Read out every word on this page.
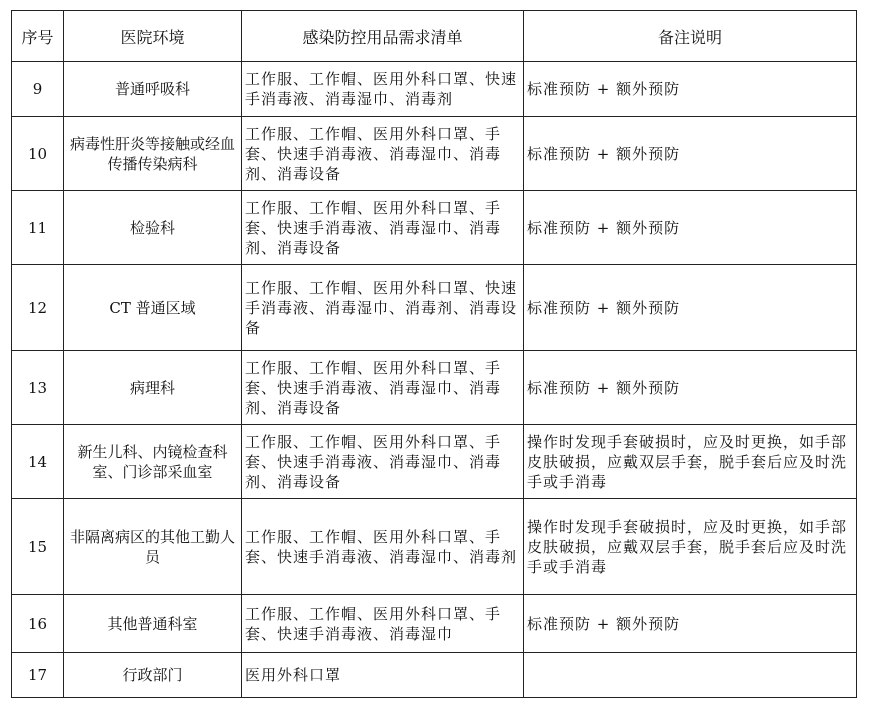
序号	医院环境	感染防控用品需求清单	备注说明
9	普通呼吸科	工作服、工作帽、医用外科口罩、快速手消毒液、消毒湿巾、消毒剂	标准预防 + 额外预防
10	病毒性肝炎等接触或经血传播传染病科	工作服、工作帽、医用外科口罩、手套、快速手消毒液、消毒湿巾、消毒剂、消毒设备	标准预防 + 额外预防
11	检验科	工作服、工作帽、医用外科口罩、手套、快速手消毒液、消毒湿巾、消毒剂、消毒设备	标准预防 + 额外预防
12	CT 普通区域	工作服、工作帽、医用外科口罩、快速手消毒液、消毒湿巾、消毒剂、消毒设备	标准预防 + 额外预防
13	病理科	工作服、工作帽、医用外科口罩、手套、快速手消毒液、消毒湿巾、消毒剂、消毒设备	标准预防 + 额外预防
14	新生儿科、内镜检查科室、门诊部采血室	工作服、工作帽、医用外科口罩、手套、快速手消毒液、消毒湿巾、消毒剂、消毒设备	操作时发现手套破损时，应及时更换，如手部皮肤破损，应戴双层手套，脱手套后应及时洗手或手消毒
15	非隔离病区的其他工勤人员	工作服、工作帽、医用外科口罩、手套、快速手消毒液、消毒湿巾、消毒剂	操作时发现手套破损时，应及时更换，如手部皮肤破损，应戴双层手套，脱手套后应及时洗手或手消毒
16	其他普通科室	工作服、工作帽、医用外科口罩、手套、快速手消毒液、消毒湿巾	标准预防 + 额外预防
17	行政部门	医用外科口罩	
